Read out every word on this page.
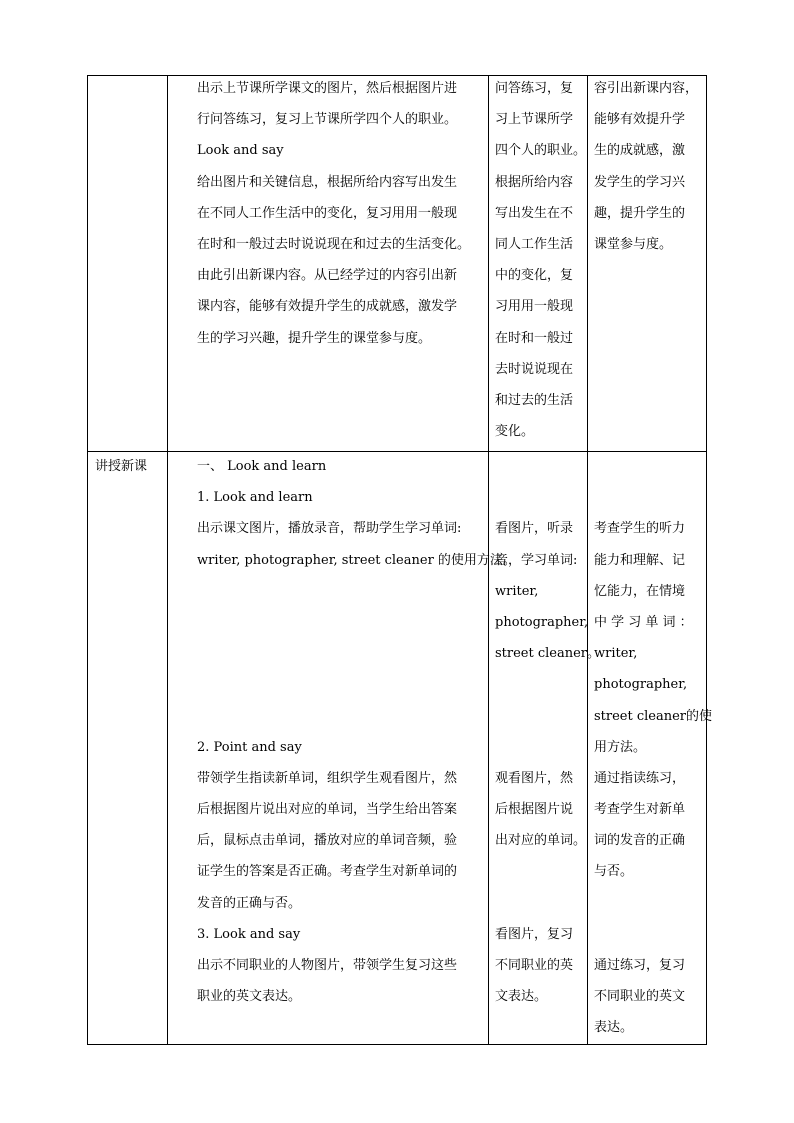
出示上节课所学课文的图片，然后根据图片进
行问答练习，复习上节课所学四个人的职业。
Look and say
给出图片和关键信息，根据所给内容写出发生
在不同人工作生活中的变化，复习用用一般现
在时和一般过去时说说现在和过去的生活变化。
由此引出新课内容。从已经学过的内容引出新
课内容，能够有效提升学生的成就感，激发学
生的学习兴趣，提升学生的课堂参与度。
问答练习，复
习上节课所学
四个人的职业。
根据所给内容
写出发生在不
同人工作生活
中的变化，复
习用用一般现
在时和一般过
去时说说现在
和过去的生活
变化。
容引出新课内容，
能够有效提升学
生的成就感，激
发学生的学习兴
趣，提升学生的
课堂参与度。
讲授新课	一、 Look and learn
1. Look and learn
出示课文图片，播放录音，帮助学生学习单词:
writer, photographer, street cleaner 的使用方法。
2. Point and say
带领学生指读新单词，组织学生观看图片，然
后根据图片说出对应的单词，当学生给出答案
后，鼠标点击单词，播放对应的单词音频，验
证学生的答案是否正确。考查学生对新单词的
发音的正确与否。
3. Look and say
出示不同职业的人物图片，带领学生复习这些
职业的英文表达。
看图片，听录
音，学习单词:
writer,
photographer,
street cleaner。
观看图片，然
后根据图片说
出对应的单词。
看图片，复习
不同职业的英
文表达。
考查学生的听力
能力和理解、记
忆能力，在情境
中 学 习 单 词 ：
writer,
photographer,
street cleaner的使
用方法。
通过指读练习，
考查学生对新单
词的发音的正确
与否。
通过练习，复习
不同职业的英文
表达。
